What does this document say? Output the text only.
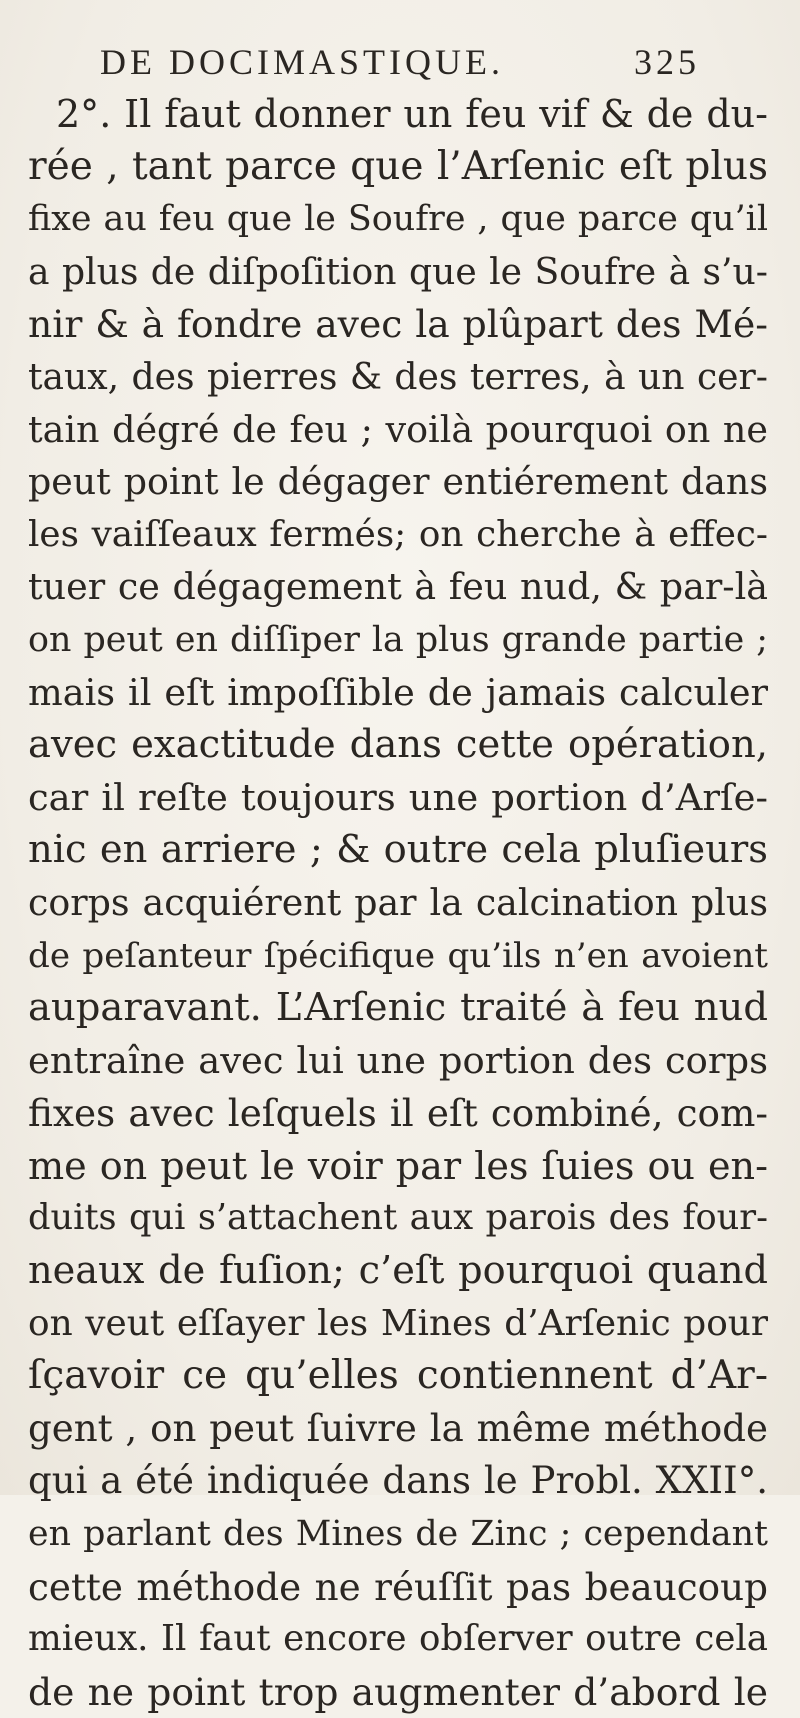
DE DOCIMASTIQUE.	325
2°. Il faut donner un feu vif & de du-
rée , tant parce que l’Arſenic eſt plus
fixe au feu que le Soufre , que parce qu’il
a plus de diſpoſition que le Soufre à s’u-
nir & à fondre avec la plûpart des Mé-
taux, des pierres & des terres, à un cer-
tain dégré de feu ; voilà pourquoi on ne
peut point le dégager entiérement dans
les vaiſſeaux fermés; on cherche à effec-
tuer ce dégagement à feu nud, & par-là
on peut en diſſiper la plus grande partie ;
mais il eſt impoſſible de jamais calculer
avec exactitude dans cette opération,
car il reſte toujours une portion d’Arſe-
nic en arriere ; & outre cela pluſieurs
corps acquiérent par la calcination plus
de peſanteur ſpécifique qu’ils n’en avoient
auparavant. L’Arſenic traité à feu nud
entraîne avec lui une portion des corps
fixes avec leſquels il eſt combiné, com-
me on peut le voir par les ſuies ou en-
duits qui s’attachent aux parois des four-
neaux de fuſion; c’eſt pourquoi quand
on veut eſſayer les Mines d’Arſenic pour
ſçavoir ce qu’elles contiennent d’Ar-
gent , on peut ſuivre la même méthode
qui a été indiquée dans le Probl. XXII°.
en parlant des Mines de Zinc ; cependant
cette méthode ne réuſſit pas beaucoup
mieux. Il faut encore obſerver outre cela
de ne point trop augmenter d’abord le
